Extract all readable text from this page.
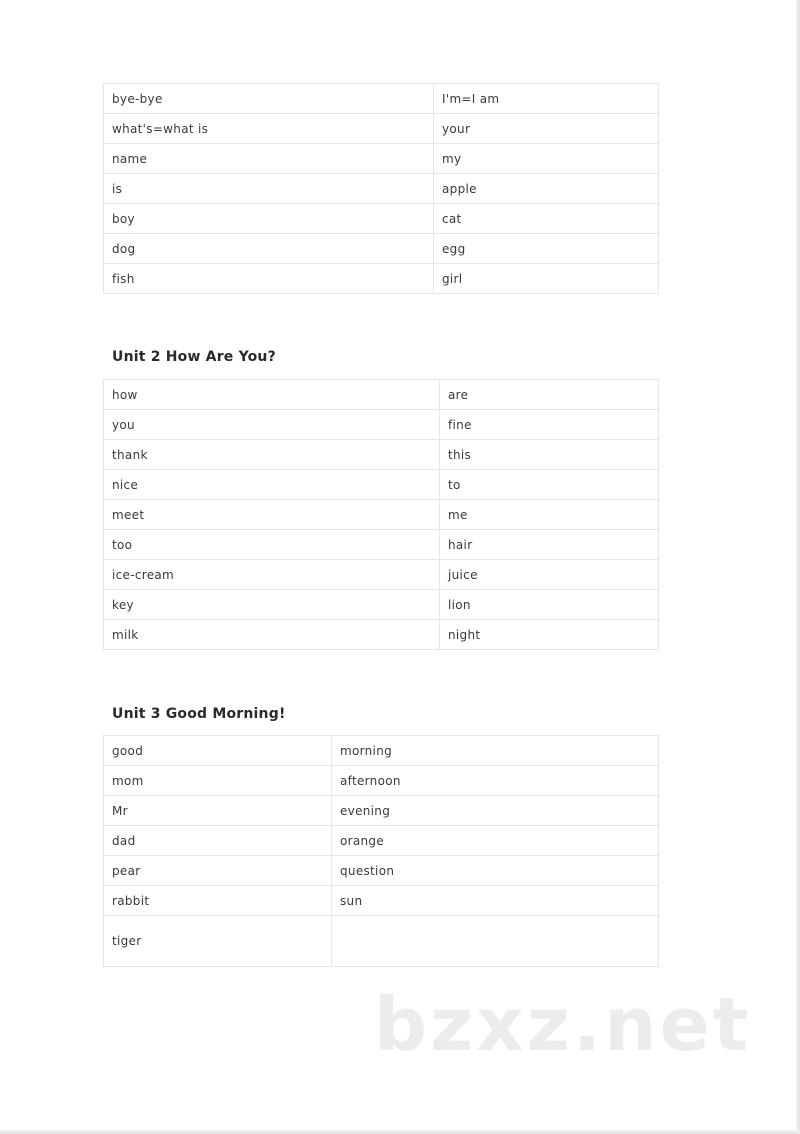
bye-bye	I'm=I am
what's=what is	your
name	my
is	apple
boy	cat
dog	egg
fish	girl
Unit 2 How Are You?
how	are
you	fine
thank	this
nice	to
meet	me
too	hair
ice-cream	juice
key	lion
milk	night
Unit 3 Good Morning!
good	morning
mom	afternoon
Mr	evening
dad	orange
pear	question
rabbit	sun
tiger	
bzxz.net
